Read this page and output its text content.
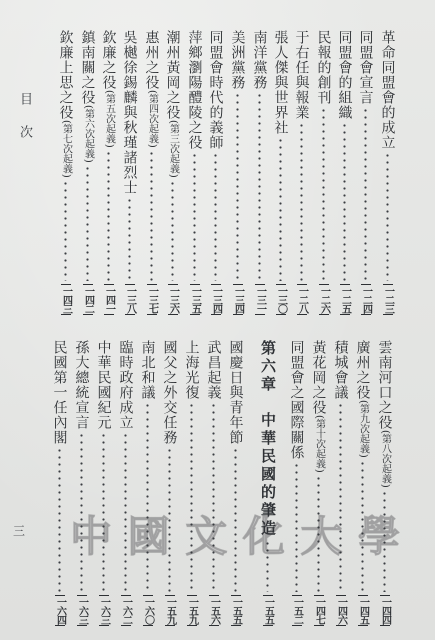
目次
三
革命同盟會的成立
一二三
同盟會宣言
一二四
同盟會的組織
一二五
民報的創刊
一二六
于右任與報業
一二八
張人傑與世界社
一三〇
南洋黨務
一三一
美洲黨務
一三四
同盟會時代的義師
一三四
萍鄉瀏陽醴陵之役
一三五
潮州黃岡之役
(第三次起義)
一三六
惠州之役
(第四次起義)
一三七
吳樾徐錫麟與秋瑾諸烈士
一三八
欽廉之役
(第五次起義)
一四一
鎮南關之役
(第六次起義)
一四二
欽廉上思之役
(第七次起義)
一四三
雲南河口之役
(第八次起義)
一四四
廣州之役
(第九次起義)
一四五
積城會議
一四六
黃花岡之役
(第十次起義)
一四七
同盟會之國際關係
一五二
第六章　中華民國的肇造
一五五
國慶日與青年節
一五五
武昌起義
一五六
上海光復
一五九
國父之外交任務
一五九
南北和議
一六〇
臨時政府成立
一六二
中華民國紀元
一六三
孫大總統宣言
一六三
民國第一任內閣
一六四
中 文 化 大 學
